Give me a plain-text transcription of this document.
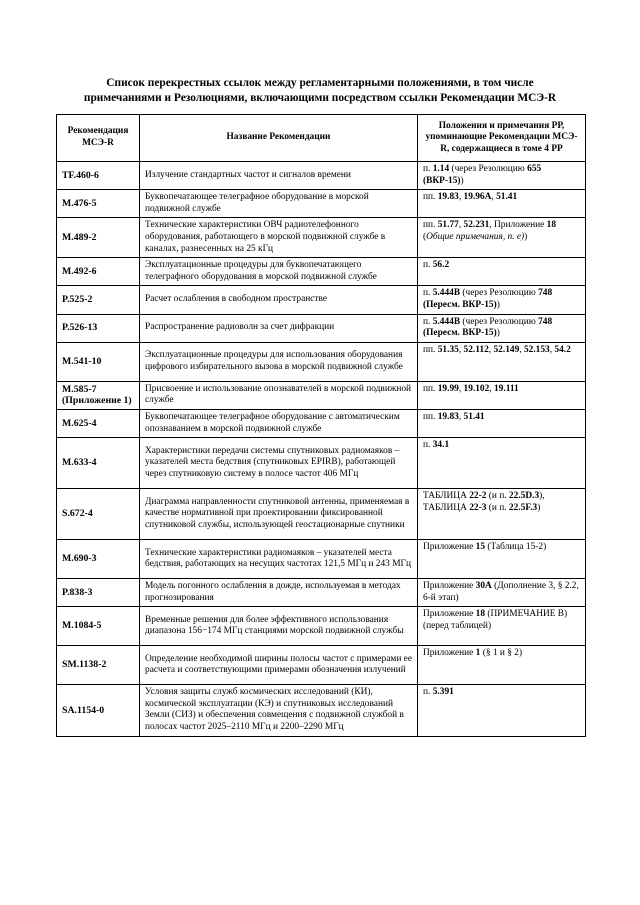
Список перекрестных ссылок между регламентарными положениями, в том числе
примечаниями и Резолюциями, включающими посредством ссылки Рекомендации МСЭ-R
Рекомендация МСЭ-R	Название Рекомендации	Положения и примечания РР, упоминающие Рекомендации МСЭ-R, содержащиеся в томе 4 РР
TF.460-6	Излучение стандартных частот и сигналов времени	п. 1.14 (через Резолюцию 655 (ВКР-15))
M.476-5	Буквопечатающее телеграфное оборудование в морской подвижной службе	пп. 19.83, 19.96A, 51.41
M.489-2	Технические характеристики ОВЧ радиотелефонного оборудования, работающего в морской подвижной службе в каналах, разнесенных на 25 кГц	пп. 51.77, 52.231, Приложение 18 (Общие примечания, п. e))
M.492-6	Эксплуатационные процедуры для буквопечатающего телеграфного оборудования в морской подвижной службе	п. 56.2
P.525-2	Расчет ослабления в свободном пространстве	п. 5.444B (через Резолюцию 748 (Пересм. ВКР-15))
P.526-13	Распространение радиоволн за счет дифракции	п. 5.444B (через Резолюцию 748 (Пересм. ВКР-15))
M.541-10	Эксплуатационные процедуры для использования оборудования цифрового избирательного вызова в морской подвижной службе	пп. 51.35, 52.112, 52.149, 52.153, 54.2
M.585-7 (Приложение 1)	Присвоение и использование опознавателей в морской подвижной службе	пп. 19.99, 19.102, 19.111
M.625-4	Буквопечатающее телеграфное оборудование с автоматическим опознаванием в морской подвижной службе	пп. 19.83, 51.41
M.633-4	Характеристики передачи системы спутниковых радиомаяков – указателей места бедствия (спутниковых EPIRB), работающей через спутниковую систему в полосе частот 406 МГц	п. 34.1
S.672-4	Диаграмма направленности спутниковой антенны, применяемая в качестве нормативной при проектировании фиксированной спутниковой службы, использующей геостационарные спутники	ТАБЛИЦА 22-2 (и п. 22.5D.3), ТАБЛИЦА 22-3 (и п. 22.5F.3)
M.690-3	Технические характеристики радиомаяков – указателей места бедствия, работающих на несущих частотах 121,5 МГц и 243 МГц	Приложение 15 (Таблица 15-2)
P.838-3	Модель погонного ослабления в дожде, используемая в методах прогнозирования	Приложение 30A (Дополнение 3, § 2.2, 6-й этап)
M.1084-5	Временные решения для более эффективного использования диапазона 156−174 МГц станциями морской подвижной службы	Приложение 18 (ПРИМЕЧАНИЕ B) (перед таблицей)
SM.1138-2	Определение необходимой ширины полосы частот с примерами ее расчета и соответствующими примерами обозначения излучений	Приложение 1 (§ 1 и § 2)
SA.1154-0	Условия защиты служб космических исследований (КИ), космической эксплуатации (КЭ) и спутниковых исследований Земли (СИЗ) и обеспечения совмещения с подвижной службой в полосах частот 2025–2110 МГц и 2200–2290 МГц	п. 5.391
